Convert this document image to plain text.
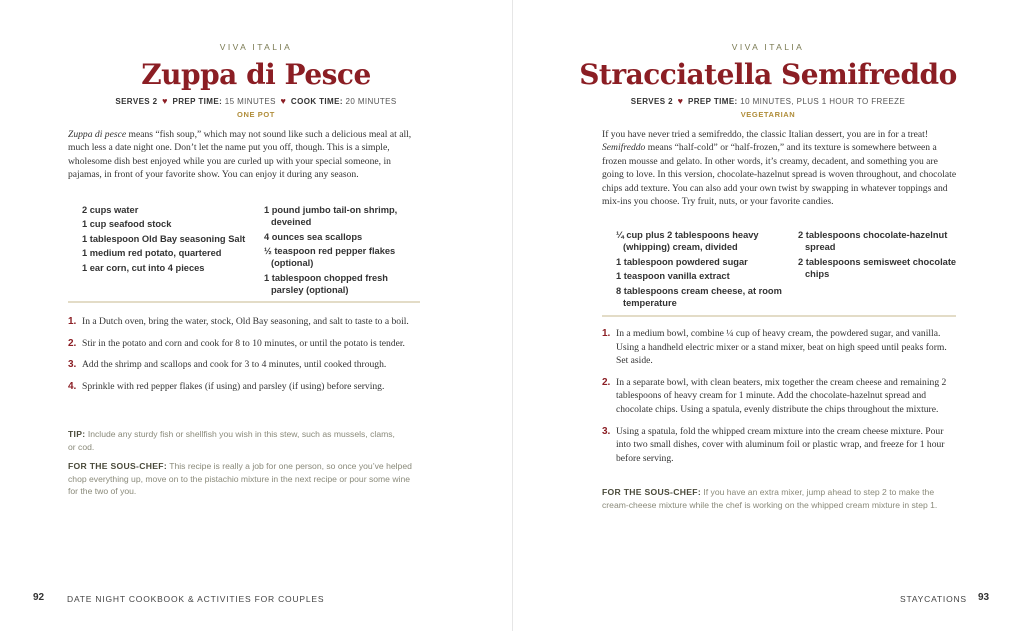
VIVA ITALIA
Zuppa di Pesce
SERVES 2 ♥ PREP TIME: 15 MINUTES ♥ COOK TIME: 20 MINUTES
ONE POT
Zuppa di pesce means “fish soup,” which may not sound like such a delicious meal at all, much less a date night one. Don’t let the name put you off, though. This is a simple, wholesome dish best enjoyed while you are curled up with your special someone, in pajamas, in front of your favorite show. You can enjoy it during any season.
2 cups water
1 cup seafood stock
1 tablespoon Old Bay seasoning Salt
1 medium red potato, quartered
1 ear corn, cut into 4 pieces
1 pound jumbo tail-on shrimp, deveined
4 ounces sea scallops
½ teaspoon red pepper flakes (optional)
1 tablespoon chopped fresh parsley (optional)
1. In a Dutch oven, bring the water, stock, Old Bay seasoning, and salt to taste to a boil.
2. Stir in the potato and corn and cook for 8 to 10 minutes, or until the potato is tender.
3. Add the shrimp and scallops and cook for 3 to 4 minutes, until cooked through.
4. Sprinkle with red pepper flakes (if using) and parsley (if using) before serving.
TIP: Include any sturdy fish or shellfish you wish in this stew, such as mussels, clams, or cod.
FOR THE SOUS-CHEF: This recipe is really a job for one person, so once you’ve helped chop everything up, move on to the pistachio mixture in the next recipe or pour some wine for the two of you.
92	DATE NIGHT COOKBOOK & ACTIVITIES FOR COUPLES
VIVA ITALIA
Stracciatella Semifreddo
SERVES 2 ♥ PREP TIME: 10 MINUTES, PLUS 1 HOUR TO FREEZE
VEGETARIAN
If you have never tried a semifreddo, the classic Italian dessert, you are in for a treat! Semifreddo means “half-cold” or “half-frozen,” and its texture is somewhere between a frozen mousse and gelato. In other words, it’s creamy, decadent, and something you are going to love. In this version, chocolate-hazelnut spread is woven throughout, and chocolate chips add texture. You can also add your own twist by swapping in whatever toppings and mix-ins you choose. Try fruit, nuts, or your favorite candies.
¼ cup plus 2 tablespoons heavy (whipping) cream, divided
1 tablespoon powdered sugar
1 teaspoon vanilla extract
8 tablespoons cream cheese, at room temperature
2 tablespoons chocolate-hazelnut spread
2 tablespoons semisweet chocolate chips
1. In a medium bowl, combine ¼ cup of heavy cream, the powdered sugar, and vanilla. Using a handheld electric mixer or a stand mixer, beat on high speed until peaks form. Set aside.
2. In a separate bowl, with clean beaters, mix together the cream cheese and remaining 2 tablespoons of heavy cream for 1 minute. Add the chocolate-hazelnut spread and chocolate chips. Using a spatula, evenly distribute the chips throughout the mixture.
3. Using a spatula, fold the whipped cream mixture into the cream cheese mixture. Pour into two small dishes, cover with aluminum foil or plastic wrap, and freeze for 1 hour before serving.
FOR THE SOUS-CHEF: If you have an extra mixer, jump ahead to step 2 to make the cream-cheese mixture while the chef is working on the whipped cream mixture in step 1.
STAYCATIONS 93
